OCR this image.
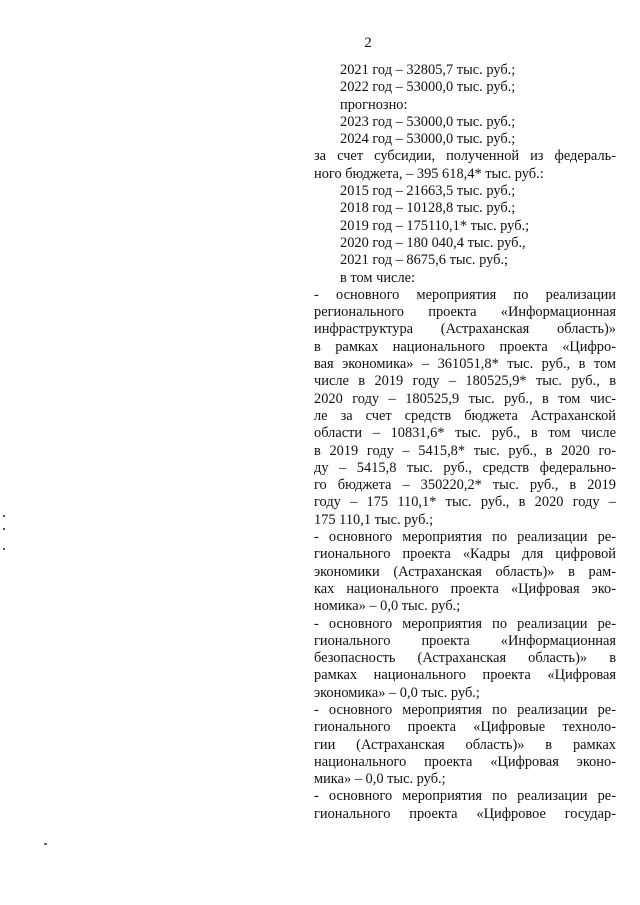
2
2021 год – 32805,7 тыс. руб.;
2022 год – 53000,0 тыс. руб.;
прогнозно:
2023 год – 53000,0 тыс. руб.;
2024 год – 53000,0 тыс. руб.;
за счет субсидии, полученной из федераль-
ного бюджета, – 395 618,4* тыс. руб.:
2015 год – 21663,5 тыс. руб.;
2018 год – 10128,8 тыс. руб.;
2019 год – 175110,1* тыс. руб.;
2020 год – 180 040,4 тыс. руб.,
2021 год – 8675,6 тыс. руб.;
в том числе:
- основного мероприятия по реализации
регионального проекта «Информационная
инфраструктура (Астраханская область)»
в рамках национального проекта «Цифро-
вая экономика» – 361051,8* тыс. руб., в том
числе в 2019 году – 180525,9* тыс. руб., в
2020 году – 180525,9 тыс. руб., в том чис-
ле за счет средств бюджета Астраханской
области – 10831,6* тыс. руб., в том числе
в 2019 году – 5415,8* тыс. руб., в 2020 го-
ду – 5415,8 тыс. руб., средств федерально-
го бюджета – 350220,2* тыс. руб., в 2019
году – 175 110,1* тыс. руб., в 2020 году –
175 110,1 тыс. руб.;
- основного мероприятия по реализации ре-
гионального проекта «Кадры для цифровой
экономики (Астраханская область)» в рам-
ках национального проекта «Цифровая эко-
номика» – 0,0 тыс. руб.;
- основного мероприятия по реализации ре-
гионального проекта «Информационная
безопасность (Астраханская область)» в
рамках национального проекта «Цифровая
экономика» – 0,0 тыс. руб.;
- основного мероприятия по реализации ре-
гионального проекта «Цифровые техноло-
гии (Астраханская область)» в рамках
национального проекта «Цифровая эконо-
мика» – 0,0 тыс. руб.;
- основного мероприятия по реализации ре-
гионального проекта «Цифровое государ-
